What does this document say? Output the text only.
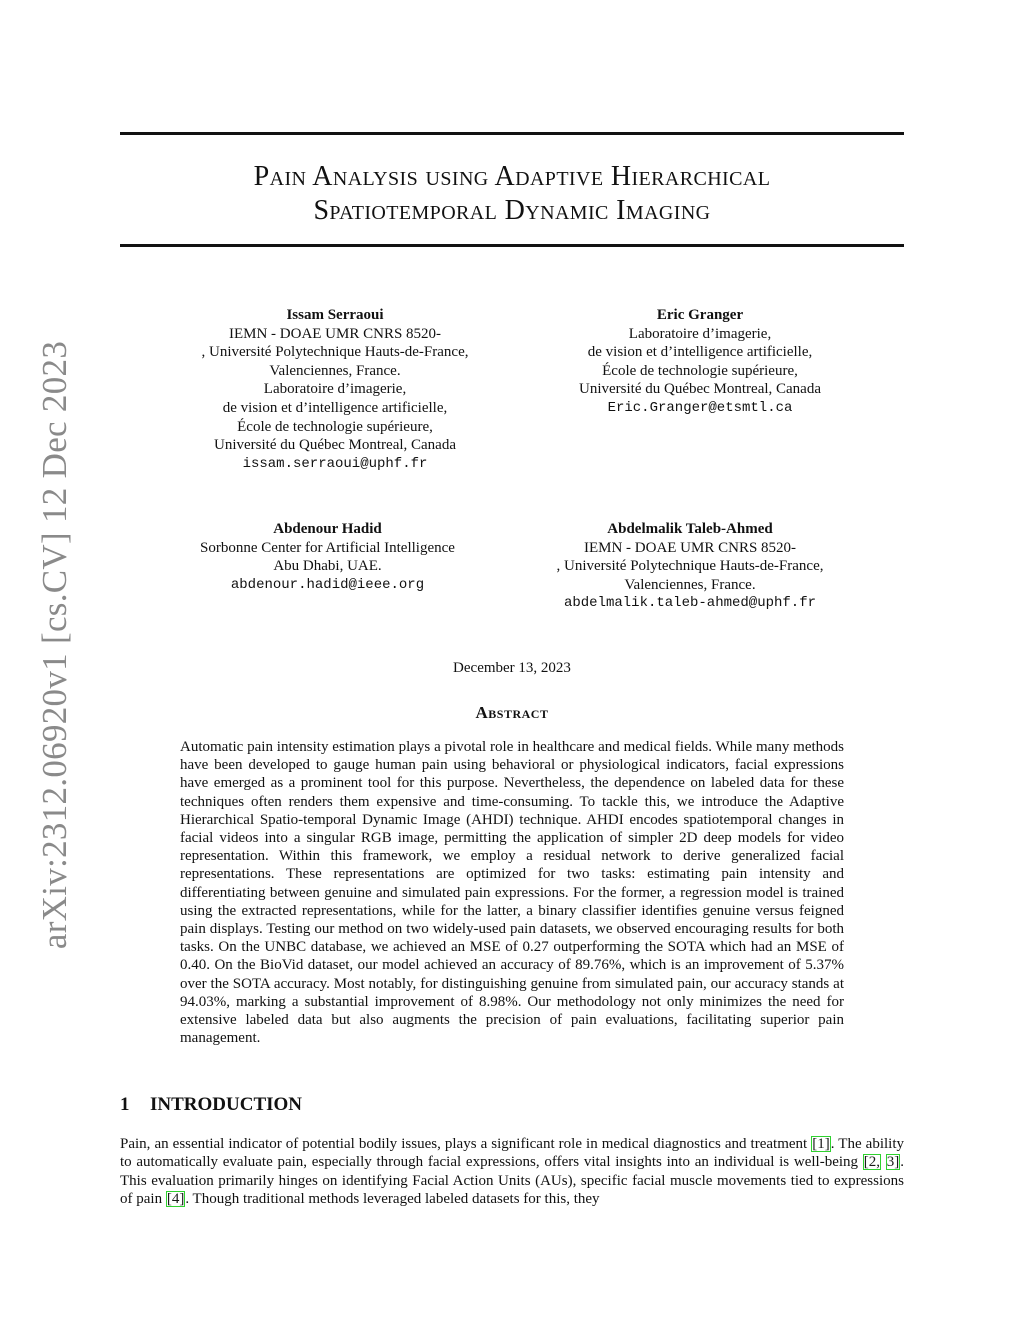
arXiv:2312.06920v1 [cs.CV] 12 Dec 2023
Pain Analysis using Adaptive Hierarchical
Spatiotemporal Dynamic Imaging
Issam Serraoui
IEMN - DOAE UMR CNRS 8520-
, Université Polytechnique Hauts-de-France,
Valenciennes, France.
Laboratoire d’imagerie,
de vision et d’intelligence artificielle,
École de technologie supérieure,
Université du Québec Montreal, Canada
issam.serraoui@uphf.fr
Eric Granger
Laboratoire d’imagerie,
de vision et d’intelligence artificielle,
École de technologie supérieure,
Université du Québec Montreal, Canada
Eric.Granger@etsmtl.ca
Abdenour Hadid
Sorbonne Center for Artificial Intelligence
Abu Dhabi, UAE.
abdenour.hadid@ieee.org
Abdelmalik Taleb-Ahmed
IEMN - DOAE UMR CNRS 8520-
, Université Polytechnique Hauts-de-France,
Valenciennes, France.
abdelmalik.taleb-ahmed@uphf.fr
December 13, 2023
Abstract
Automatic pain intensity estimation plays a pivotal role in healthcare and medical fields. While many methods have been developed to gauge human pain using behavioral or physiological indicators, facial expressions have emerged as a prominent tool for this purpose. Nevertheless, the dependence on labeled data for these techniques often renders them expensive and time-consuming. To tackle this, we introduce the Adaptive Hierarchical Spatio-temporal Dynamic Image (AHDI) technique. AHDI encodes spatiotemporal changes in facial videos into a singular RGB image, permitting the application of simpler 2D deep models for video representation. Within this framework, we employ a residual network to derive generalized facial representations. These representations are optimized for two tasks: estimating pain intensity and differentiating between genuine and simulated pain expressions. For the former, a regression model is trained using the extracted representations, while for the latter, a binary classifier identifies genuine versus feigned pain displays. Testing our method on two widely-used pain datasets, we observed encouraging results for both tasks. On the UNBC database, we achieved an MSE of 0.27 outperforming the SOTA which had an MSE of 0.40. On the BioVid dataset, our model achieved an accuracy of 89.76%, which is an improvement of 5.37% over the SOTA accuracy. Most notably, for distinguishing genuine from simulated pain, our accuracy stands at 94.03%, marking a substantial improvement of 8.98%. Our methodology not only minimizes the need for extensive labeled data but also augments the precision of pain evaluations, facilitating superior pain management.
1 INTRODUCTION
Pain, an essential indicator of potential bodily issues, plays a significant role in medical diagnostics and treatment [1]. The ability to automatically evaluate pain, especially through facial expressions, offers vital insights into an individual is well-being [2, 3]. This evaluation primarily hinges on identifying Facial Action Units (AUs), specific facial muscle movements tied to expressions of pain [4]. Though traditional methods leveraged labeled datasets for this, they
